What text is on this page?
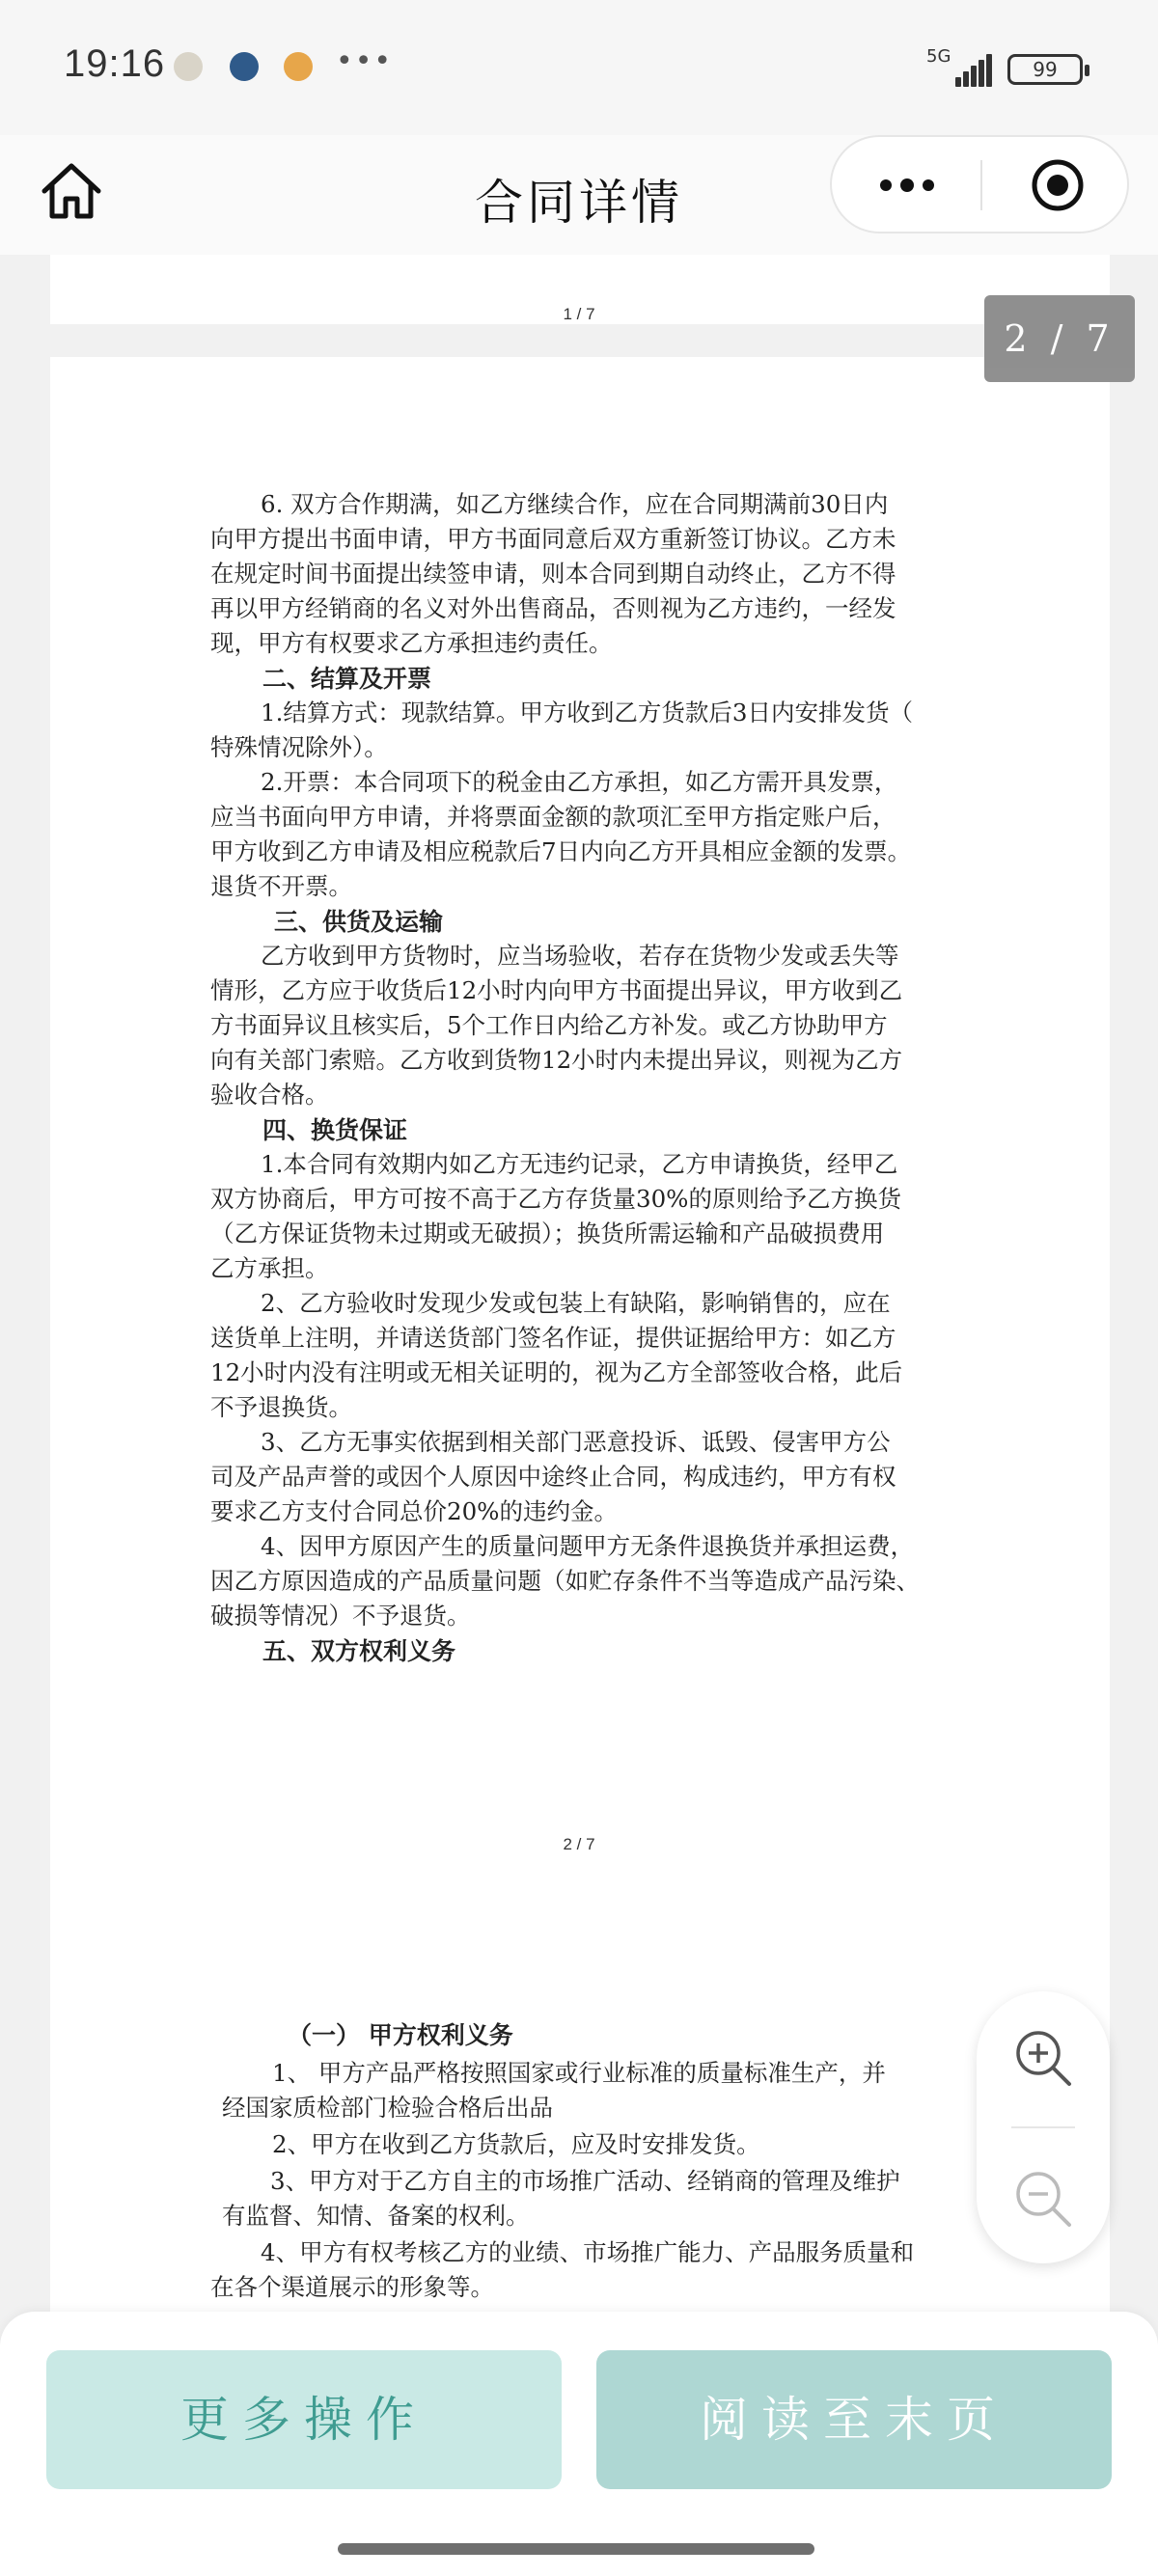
19:16	•••	5G
99
合同详情
1 / 7
2 / 7
6. 双方合作期满，如乙方继续合作，应在合同期满前30日内
向甲方提出书面申请，甲方书面同意后双方重新签订协议。乙方未
在规定时间书面提出续签申请，则本合同到期自动终止，乙方不得
再以甲方经销商的名义对外出售商品，否则视为乙方违约，一经发
现，甲方有权要求乙方承担违约责任。
二、结算及开票
1.结算方式：现款结算。甲方收到乙方货款后3日内安排发货（
特殊情况除外）。
2.开票：本合同项下的税金由乙方承担，如乙方需开具发票，
应当书面向甲方申请，并将票面金额的款项汇至甲方指定账户后，
甲方收到乙方申请及相应税款后7日内向乙方开具相应金额的发票。
退货不开票。
三、供货及运输
乙方收到甲方货物时，应当场验收，若存在货物少发或丢失等
情形，乙方应于收货后12小时内向甲方书面提出异议，甲方收到乙
方书面异议且核实后，5个工作日内给乙方补发。或乙方协助甲方
向有关部门索赔。乙方收到货物12小时内未提出异议，则视为乙方
验收合格。
四、换货保证
1.本合同有效期内如乙方无违约记录，乙方申请换货，经甲乙
双方协商后，甲方可按不高于乙方存货量30%的原则给予乙方换货
（乙方保证货物未过期或无破损）；换货所需运输和产品破损费用
乙方承担。
2、乙方验收时发现少发或包装上有缺陷，影响销售的，应在
送货单上注明，并请送货部门签名作证，提供证据给甲方：如乙方
12小时内没有注明或无相关证明的，视为乙方全部签收合格，此后
不予退换货。
3、乙方无事实依据到相关部门恶意投诉、诋毁、侵害甲方公
司及产品声誉的或因个人原因中途终止合同，构成违约，甲方有权
要求乙方支付合同总价20%的违约金。
4、因甲方原因产生的质量问题甲方无条件退换货并承担运费，
因乙方原因造成的产品质量问题（如贮存条件不当等造成产品污染、
破损等情况）不予退货。
五、双方权利义务
（一） 甲方权利义务
1、 甲方产品严格按照国家或行业标准的质量标准生产，并
经国家质检部门检验合格后出品
2、甲方在收到乙方货款后，应及时安排发货。
3、甲方对于乙方自主的市场推广活动、经销商的管理及维护
有监督、知情、备案的权利。
4、甲方有权考核乙方的业绩、市场推广能力、产品服务质量和
在各个渠道展示的形象等。
2 / 7
更多操作	阅读至末页
